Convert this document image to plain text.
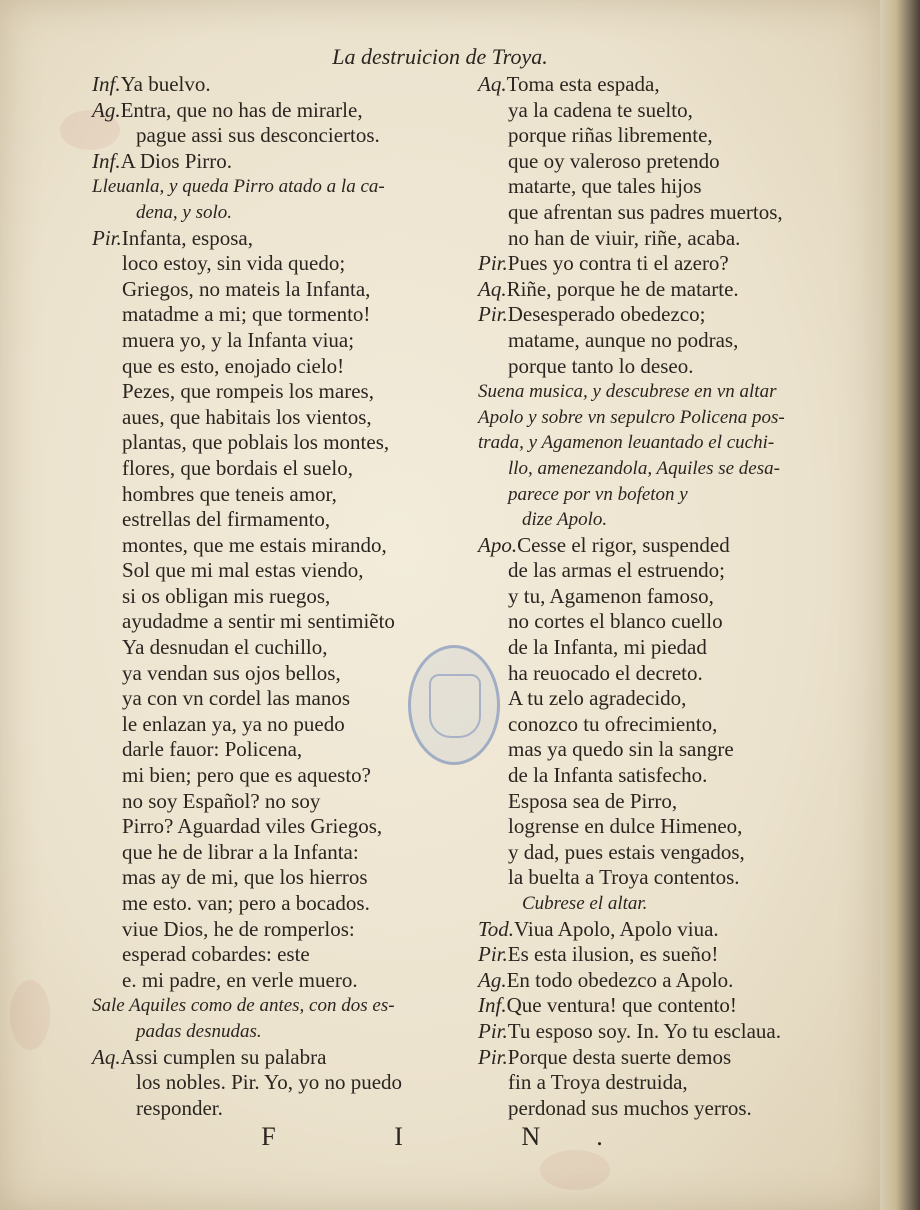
La destruicion de Troya.
Inf.Ya buelvo.
Ag.Entra, que no has de mirarle,
pague assi sus desconciertos.
Inf.A Dios Pirro.
Lleuanla, y queda Pirro atado a la ca-
dena, y solo.
Pir.Infanta, esposa,
loco estoy, sin vida quedo;
Griegos, no mateis la Infanta,
matadme a mi; que tormento!
muera yo, y la Infanta viua;
que es esto, enojado cielo!
Pezes, que rompeis los mares,
aues, que habitais los vientos,
plantas, que poblais los montes,
flores, que bordais el suelo,
hombres que teneis amor,
estrellas del firmamento,
montes, que me estais mirando,
Sol que mi mal estas viendo,
si os obligan mis ruegos,
ayudadme a sentir mi sentimiẽto
Ya desnudan el cuchillo,
ya vendan sus ojos bellos,
ya con vn cordel las manos
le enlazan ya, ya no puedo
darle fauor: Policena,
mi bien; pero que es aquesto?
no soy Español? no soy
Pirro? Aguardad viles Griegos,
que he de librar a la Infanta:
mas ay de mi, que los hierros
me esto. van; pero a bocados.
viue Dios, he de romperlos:
esperad cobardes: este
e. mi padre, en verle muero.
Sale Aquiles como de antes, con dos es-
padas desnudas.
Aq.Assi cumplen su palabra
los nobles. Pir. Yo, yo no puedo
responder.
Aq.Toma esta espada,
ya la cadena te suelto,
porque riñas libremente,
que oy valeroso pretendo
matarte, que tales hijos
que afrentan sus padres muertos,
no han de viuir, riñe, acaba.
Pir.Pues yo contra ti el azero?
Aq.Riñe, porque he de matarte.
Pir.Desesperado obedezco;
matame, aunque no podras,
porque tanto lo deseo.
Suena musica, y descubrese en vn altar
Apolo y sobre vn sepulcro Policena pos-
trada, y Agamenon leuantado el cuchi-
llo, amenezandola, Aquiles se desa-
parece por vn bofeton y
dize Apolo.
Apo.Cesse el rigor, suspended
de las armas el estruendo;
y tu, Agamenon famoso,
no cortes el blanco cuello
de la Infanta, mi piedad
ha reuocado el decreto.
A tu zelo agradecido,
conozco tu ofrecimiento,
mas ya quedo sin la sangre
de la Infanta satisfecho.
Esposa sea de Pirro,
logrense en dulce Himeneo,
y dad, pues estais vengados,
la buelta a Troya contentos.
Cubrese el altar.
Tod.Viua Apolo, Apolo viua.
Pir.Es esta ilusion, es sueño!
Ag.En todo obedezco a Apolo.
Inf.Que ventura! que contento!
Pir.Tu esposo soy. In. Yo tu esclaua.
Pir.Porque desta suerte demos
fin a Troya destruida,
perdonad sus muchos yerros.
F I N.
